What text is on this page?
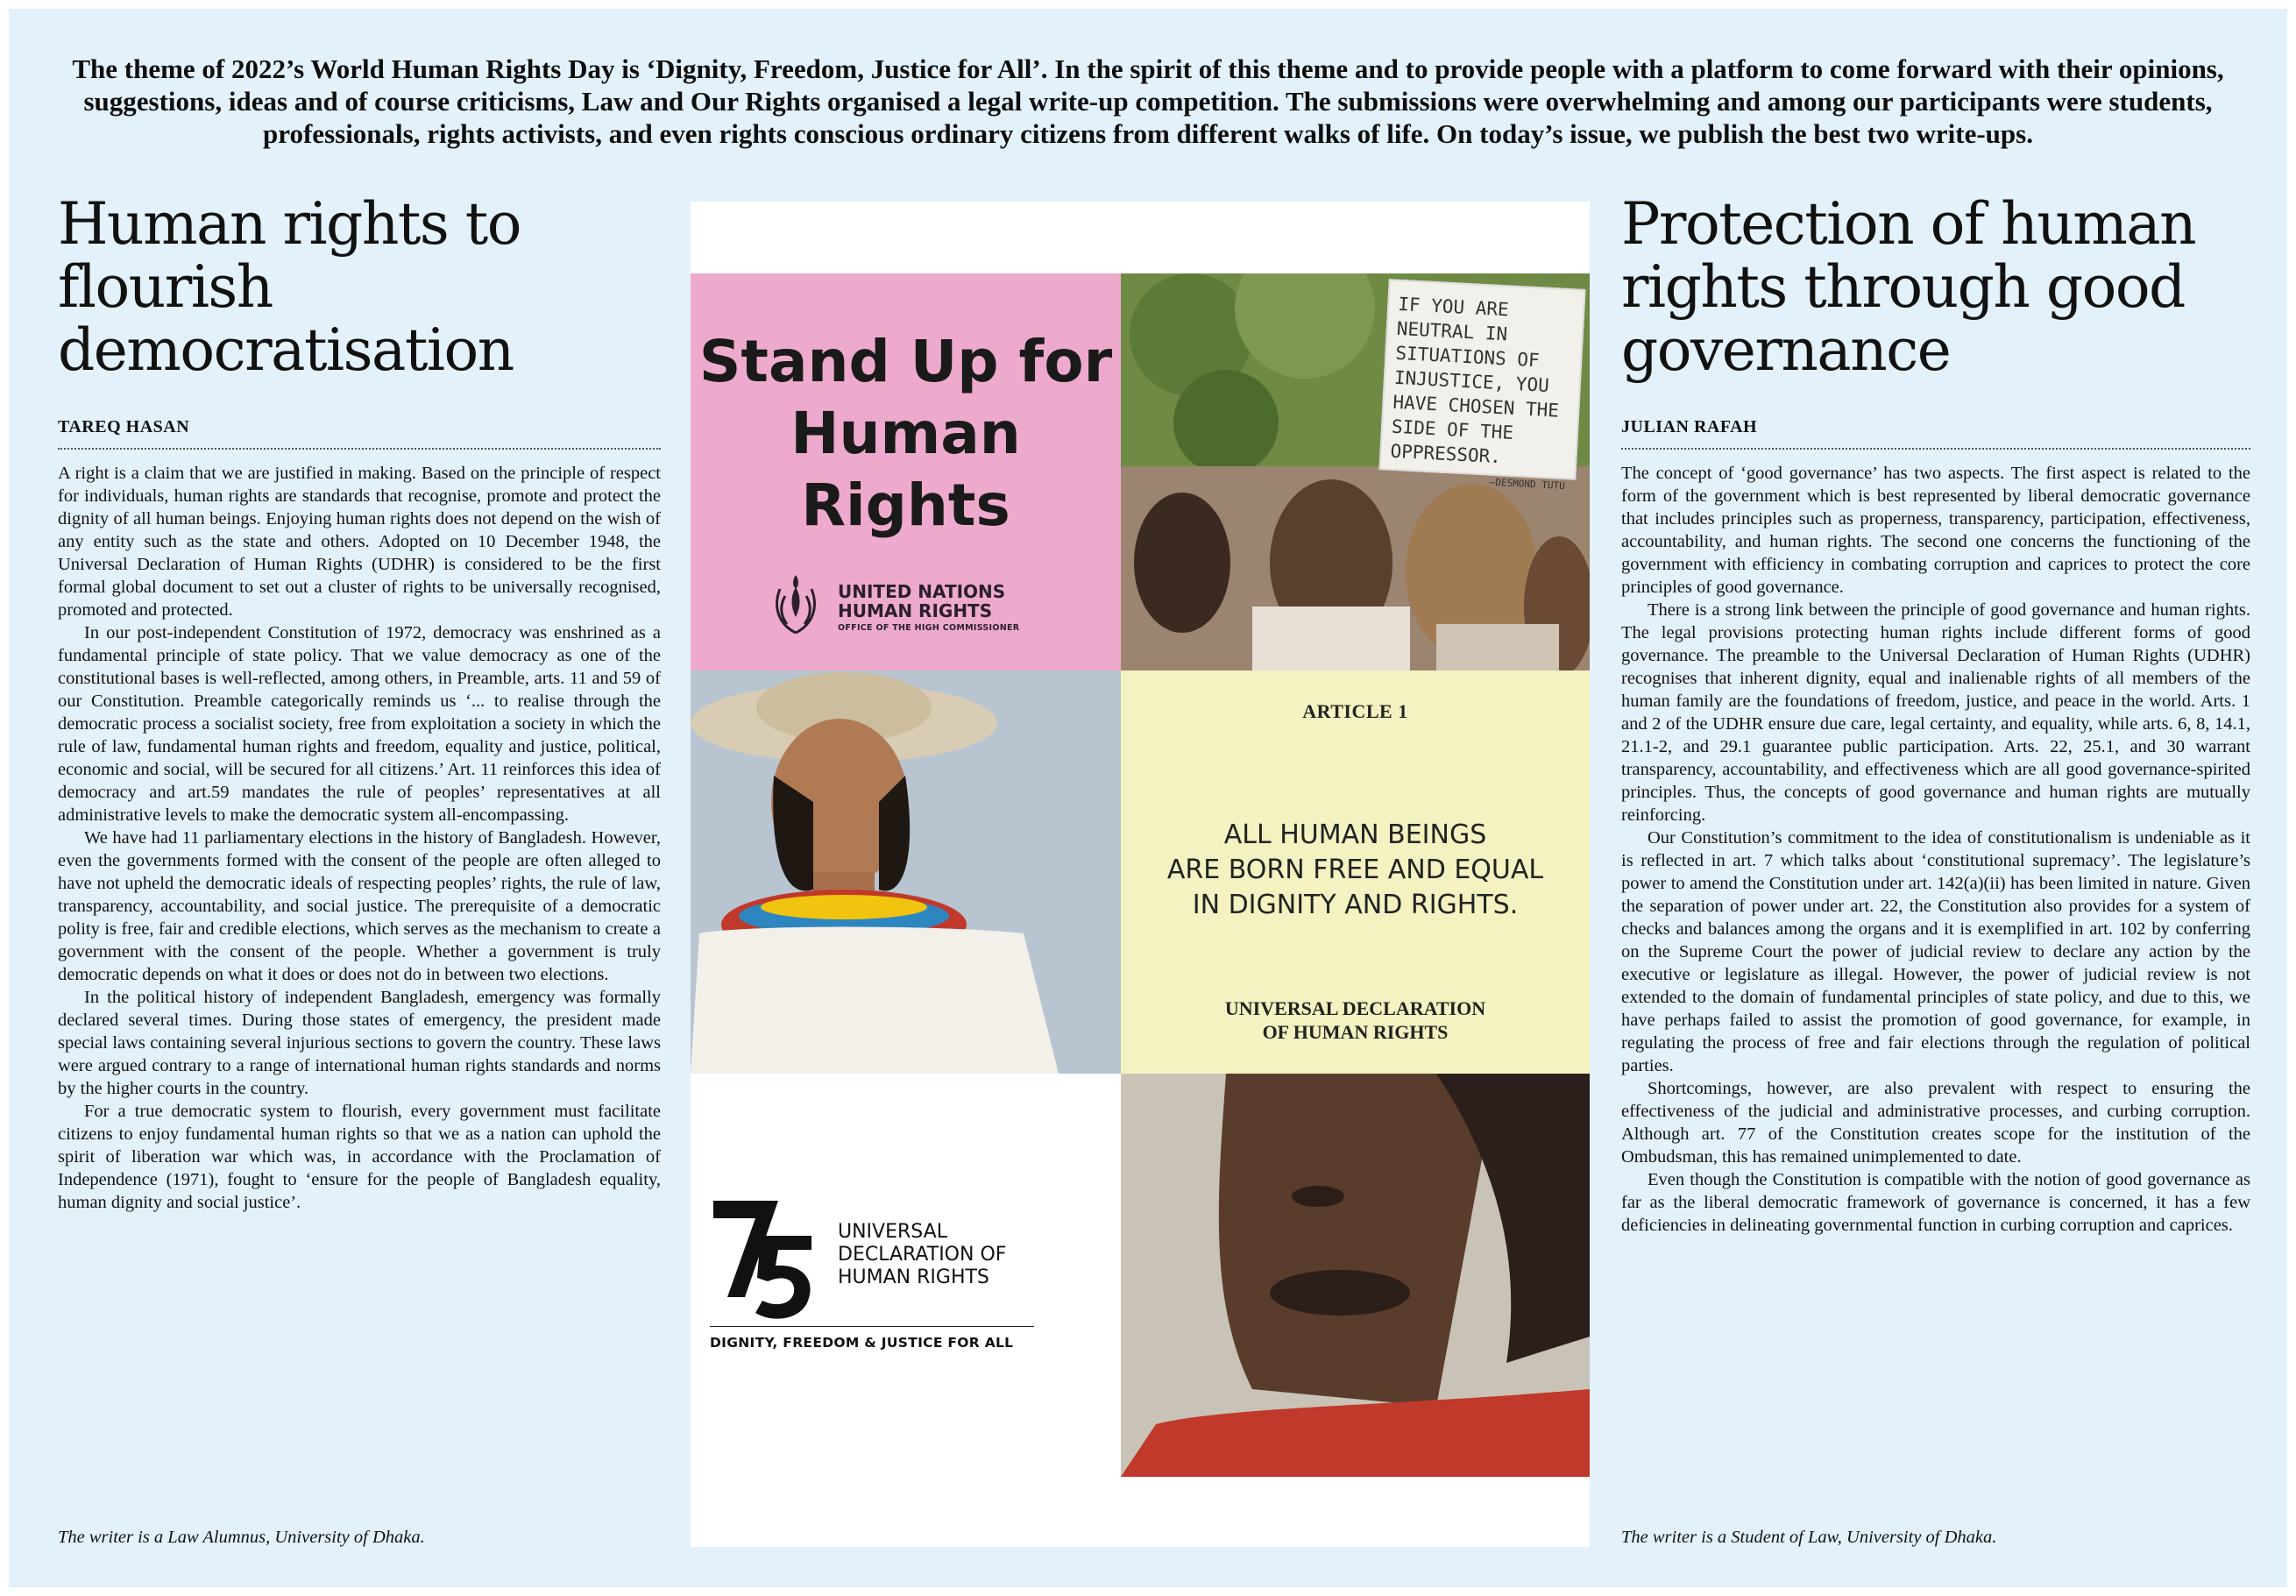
The theme of 2022’s World Human Rights Day is ‘Dignity, Freedom, Justice for All’. In the spirit of this theme and to provide people with a platform to come forward with their opinions, suggestions, ideas and of course criticisms, Law and Our Rights organised a legal write-up competition. The submissions were overwhelming and among our participants were students, professionals, rights activists, and even rights conscious ordinary citizens from different walks of life. On today’s issue, we publish the best two write-ups.
Human rights to flourish democratisation
TAREQ HASAN

A right is a claim that we are justified in making. Based on the principle of respect for individuals, human rights are standards that recognise, promote and protect the dignity of all human beings. Enjoying human rights does not depend on the wish of any entity such as the state and others. Adopted on 10 December 1948, the Universal Declaration of Human Rights (UDHR) is considered to be the first formal global document to set out a cluster of rights to be universally recognised, promoted and protected.

In our post-independent Constitution of 1972, democracy was enshrined as a fundamental principle of state policy. That we value democracy as one of the constitutional bases is well-reflected, among others, in Preamble, arts. 11 and 59 of our Constitution. Preamble categorically reminds us ‘... to realise through the democratic process a socialist society, free from exploitation a society in which the rule of law, fundamental human rights and freedom, equality and justice, political, economic and social, will be secured for all citizens.’ Art. 11 reinforces this idea of democracy and art.59 mandates the rule of peoples’ representatives at all administrative levels to make the democratic system all-encompassing.

We have had 11 parliamentary elections in the history of Bangladesh. However, even the governments formed with the consent of the people are often alleged to have not upheld the democratic ideals of respecting peoples’ rights, the rule of law, transparency, accountability, and social justice. The prerequisite of a democratic polity is free, fair and credible elections, which serves as the mechanism to create a government with the consent of the people. Whether a government is truly democratic depends on what it does or does not do in between two elections.

In the political history of independent Bangladesh, emergency was formally declared several times. During those states of emergency, the president made special laws containing several injurious sections to govern the country. These laws were argued contrary to a range of international human rights standards and norms by the higher courts in the country.

For a true democratic system to flourish, every government must facilitate citizens to enjoy fundamental human rights so that we as a nation can uphold the spirit of liberation war which was, in accordance with the Proclamation of Independence (1971), fought to ‘ensure for the people of Bangladesh equality, human dignity and social justice’.

The writer is a Law Alumnus, University of Dhaka.
Stand Up for Human Rights
UNITED NATIONS
HUMAN RIGHTS
OFFICE OF THE HIGH COMMISSIONER
IF YOU ARE NEUTRAL IN SITUATIONS OF INJUSTICE, YOU HAVE CHOSEN THE SIDE OF THE OPPRESSOR.
—DESMOND TUTU
ARTICLE 1
ALL HUMAN BEINGS
ARE BORN FREE AND EQUAL
IN DIGNITY AND RIGHTS.
UNIVERSAL DECLARATION
OF HUMAN RIGHTS
UNIVERSAL
DECLARATION OF
HUMAN RIGHTS
DIGNITY, FREEDOM & JUSTICE FOR ALL
Protection of human rights through good governance
JULIAN RAFAH

The concept of ‘good governance’ has two aspects. The first aspect is related to the form of the government which is best represented by liberal democratic governance that includes principles such as properness, transparency, participation, effectiveness, accountability, and human rights. The second one concerns the functioning of the government with efficiency in combating corruption and caprices to protect the core principles of good governance.

There is a strong link between the principle of good governance and human rights. The legal provisions protecting human rights include different forms of good governance. The preamble to the Universal Declaration of Human Rights (UDHR) recognises that inherent dignity, equal and inalienable rights of all members of the human family are the foundations of freedom, justice, and peace in the world. Arts. 1 and 2 of the UDHR ensure due care, legal certainty, and equality, while arts. 6, 8, 14.1, 21.1-2, and 29.1 guarantee public participation. Arts. 22, 25.1, and 30 warrant transparency, accountability, and effectiveness which are all good governance-spirited principles. Thus, the concepts of good governance and human rights are mutually reinforcing.

Our Constitution’s commitment to the idea of constitutionalism is undeniable as it is reflected in art. 7 which talks about ‘constitutional supremacy’. The legislature’s power to amend the Constitution under art. 142(a)(ii) has been limited in nature. Given the separation of power under art. 22, the Constitution also provides for a system of checks and balances among the organs and it is exemplified in art. 102 by conferring on the Supreme Court the power of judicial review to declare any action by the executive or legislature as illegal. However, the power of judicial review is not extended to the domain of fundamental principles of state policy, and due to this, we have perhaps failed to assist the promotion of good governance, for example, in regulating the process of free and fair elections through the regulation of political parties.

Shortcomings, however, are also prevalent with respect to ensuring the effectiveness of the judicial and administrative processes, and curbing corruption. Although art. 77 of the Constitution creates scope for the institution of the Ombudsman, this has remained unimplemented to date.

Even though the Constitution is compatible with the notion of good governance as far as the liberal democratic framework of governance is concerned, it has a few deficiencies in delineating governmental function in curbing corruption and caprices.

The writer is a Student of Law, University of Dhaka.
